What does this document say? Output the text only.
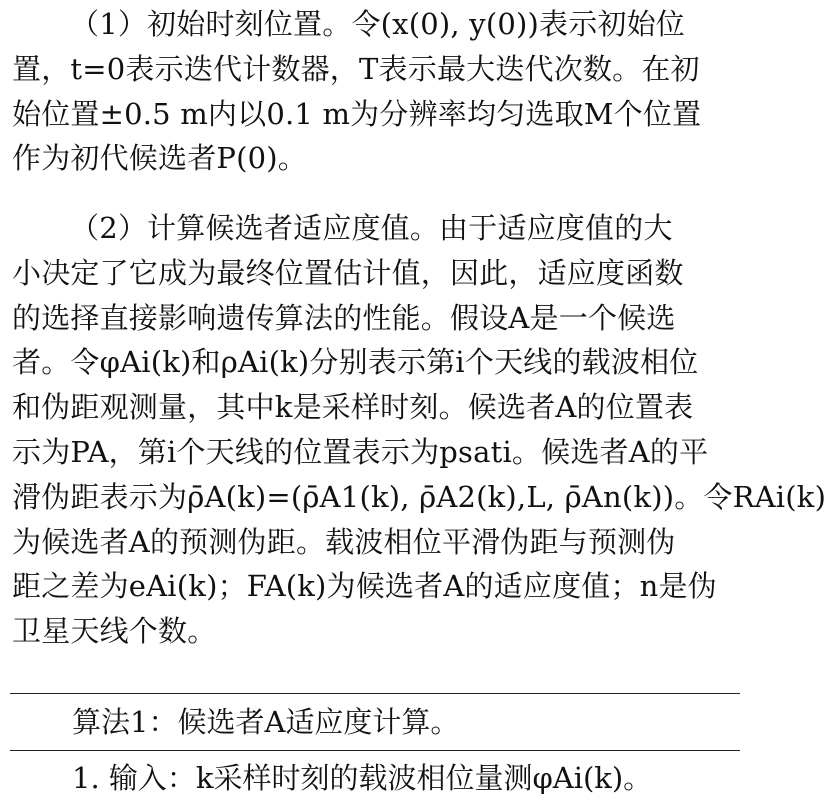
（1）初始时刻位置。令(x(0), y(0))表示初始位
置，t=0表示迭代计数器，T表示最大迭代次数。在初
始位置±0.5 m内以0.1 m为分辨率均匀选取M个位置
作为初代候选者P(0)。

（2）计算候选者适应度值。由于适应度值的大
小决定了它成为最终位置估计值，因此，适应度函数
的选择直接影响遗传算法的性能。假设A是一个候选
者。令φAi(k)和ρAi(k)分别表示第i个天线的载波相位
和伪距观测量，其中k是采样时刻。候选者A的位置表
示为PA，第i个天线的位置表示为psati。候选者A的平
滑伪距表示为ρ̄A(k)=(ρ̄A1(k), ρ̄A2(k),L, ρ̄An(k))。令RAi(k)
为候选者A的预测伪距。载波相位平滑伪距与预测伪
距之差为eAi(k)；FA(k)为候选者A的适应度值；n是伪
卫星天线个数。

算法1：候选者A适应度计算。
1. 输入：k采样时刻的载波相位量测φAi(k)。
